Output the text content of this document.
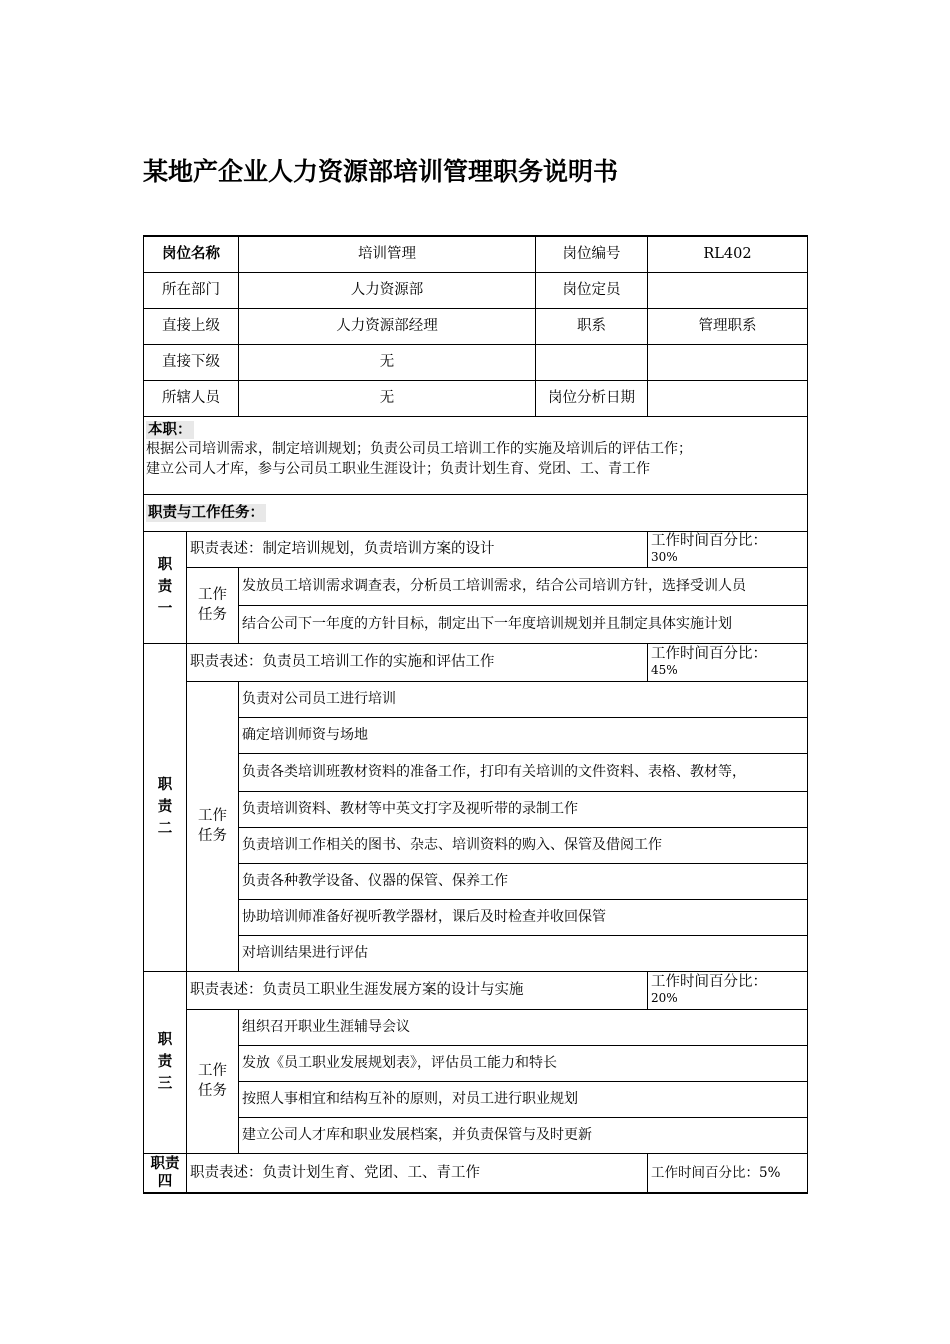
某地产企业人力资源部培训管理职务说明书
岗位名称		培训管理	岗位编号	RL402
所在部门		人力资源部	岗位定员	
直接上级		人力资源部经理	职系	管理职系
直接下级		无		
所辖人员		无	岗位分析日期	

本职：
根据公司培训需求，制定培训规划；负责公司员工培训工作的实施及培训后的评估工作；
建立公司人才库，参与公司员工职业生涯设计；负责计划生育、党团、工、青工作				

职责与工作任务：				
职责一	职责表述：制定培训规划，负责培训方案的设计			工作时间百分比：
30%

	工作任务	发放员工培训需求调查表，分析员工培训需求，结合公司培训方针，选择受训人员		
		结合公司下一年度的方针目标，制定出下一年度培训规划并且制定具体实施计划		
职责二	职责表述：负责员工培训工作的实施和评估工作			工作时间百分比：
45%

	工作任务	负责对公司员工进行培训		
		确定培训师资与场地		
		负责各类培训班教材资料的准备工作，打印有关培训的文件资料、表格、教材等，		
		负责培训资料、教材等中英文打字及视听带的录制工作		
		负责培训工作相关的图书、杂志、培训资料的购入、保管及借阅工作		
		负责各种教学设备、仪器的保管、保养工作		
		协助培训师准备好视听教学器材，课后及时检查并收回保管		
		对培训结果进行评估		
职责三	职责表述：负责员工职业生涯发展方案的设计与实施			工作时间百分比：
20%

	工作任务	组织召开职业生涯辅导会议		
		发放《员工职业发展规划表》，评估员工能力和特长		
		按照人事相宜和结构互补的原则，对员工进行职业规划		
		建立公司人才库和职业发展档案，并负责保管与及时更新		
职责四	职责表述：负责计划生育、党团、工、青工作			工作时间百分比：5%
